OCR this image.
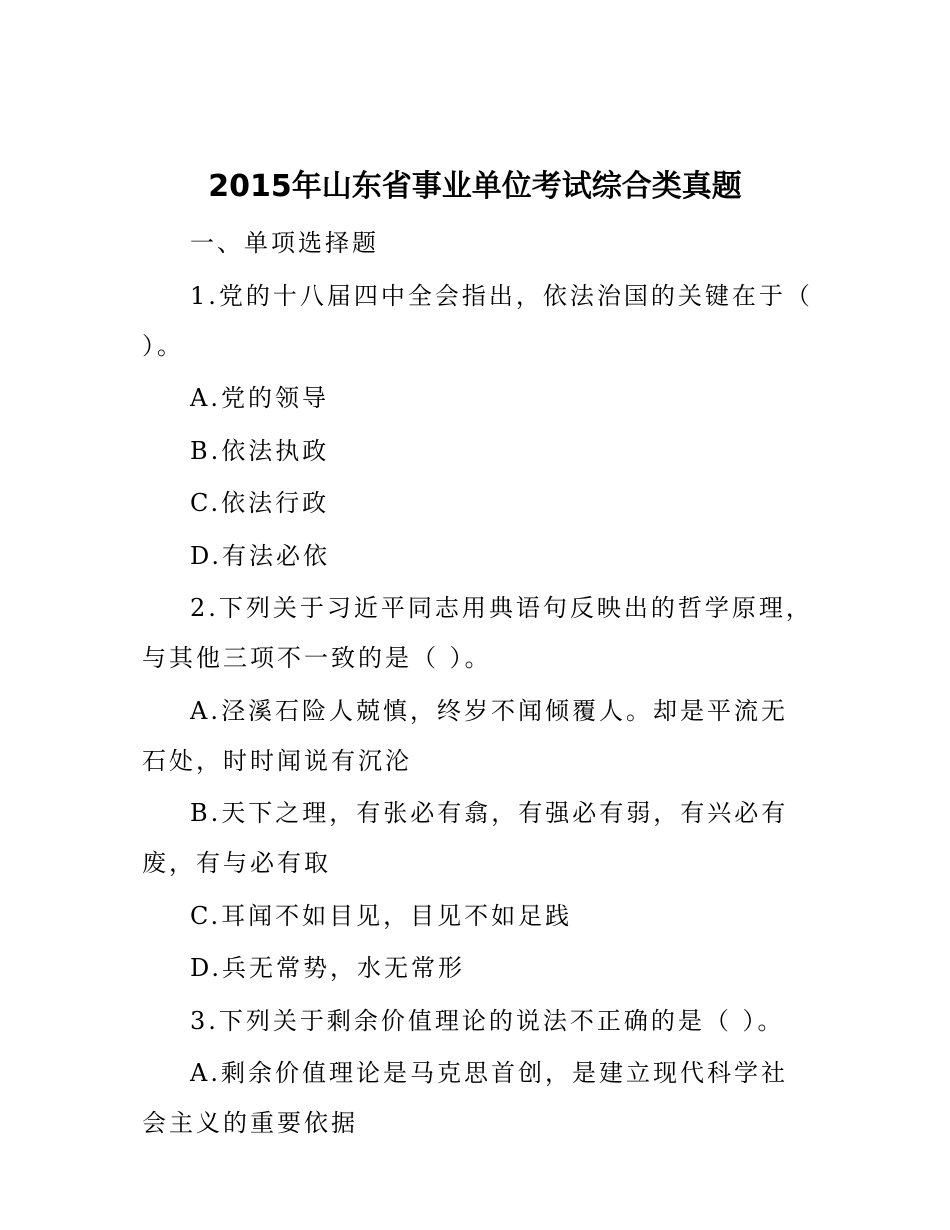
2015年山东省事业单位考试综合类真题

一、单项选择题

1.党的十八届四中全会指出，依法治国的关键在于（ ）。

A.党的领导

B.依法执政

C.依法行政

D.有法必依

2.下列关于习近平同志用典语句反映出的哲学原理，与其他三项不一致的是（ ）。

A.泾溪石险人兢慎，终岁不闻倾覆人。却是平流无石处，时时闻说有沉沦

B.天下之理，有张必有翕，有强必有弱，有兴必有废，有与必有取

C.耳闻不如目见，目见不如足践

D.兵无常势，水无常形

3.下列关于剩余价值理论的说法不正确的是（ ）。

A.剩余价值理论是马克思首创，是建立现代科学社会主义的重要依据
